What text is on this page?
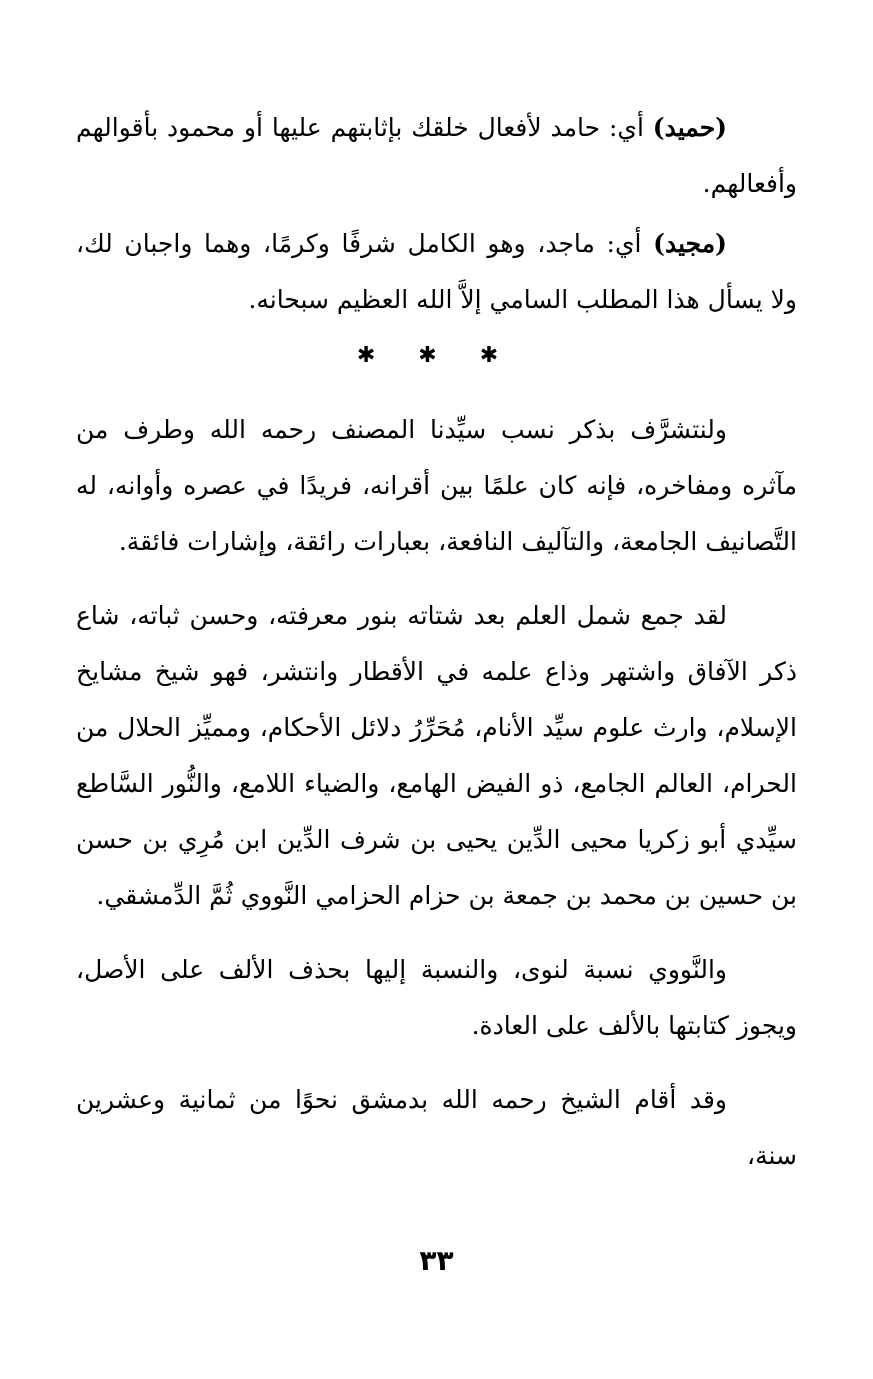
(حميد) أي: حامد لأفعال خلقك بإثابتهم عليها أو محمود بأقوالهم وأفعالهم.

(مجيد) أي: ماجد، وهو الكامل شرفًا وكرمًا، وهما واجبان لك، ولا يسأل هذا المطلب السامي إلاَّ الله العظيم سبحانه.

✱ ✱ ✱

ولنتشرَّف بذكر نسب سيِّدنا المصنف رحمه الله وطرف من مآثره ومفاخره، فإنه كان علمًا بين أقرانه، فريدًا في عصره وأوانه، له التَّصانيف الجامعة، والتآليف النافعة، بعبارات رائقة، وإشارات فائقة.

لقد جمع شمل العلم بعد شتاته بنور معرفته، وحسن ثباته، شاع ذكر الآفاق واشتهر وذاع علمه في الأقطار وانتشر، فهو شيخ مشايخ الإسلام، وارث علوم سيِّد الأنام، مُحَرِّرُ دلائل الأحكام، ومميِّز الحلال من الحرام، العالم الجامع، ذو الفيض الهامع، والضياء اللامع، والنُّور السَّاطع سيِّدي أبو زكريا محيى الدِّين يحيى بن شرف الدِّين ابن مُرِي بن حسن بن حسين بن محمد بن جمعة بن حزام الحزامي النَّووي ثُمَّ الدِّمشقي.

والنَّووي نسبة لنوى، والنسبة إليها بحذف الألف على الأصل، ويجوز كتابتها بالألف على العادة.

وقد أقام الشيخ رحمه الله بدمشق نحوًا من ثمانية وعشرين سنة،

٣٣
